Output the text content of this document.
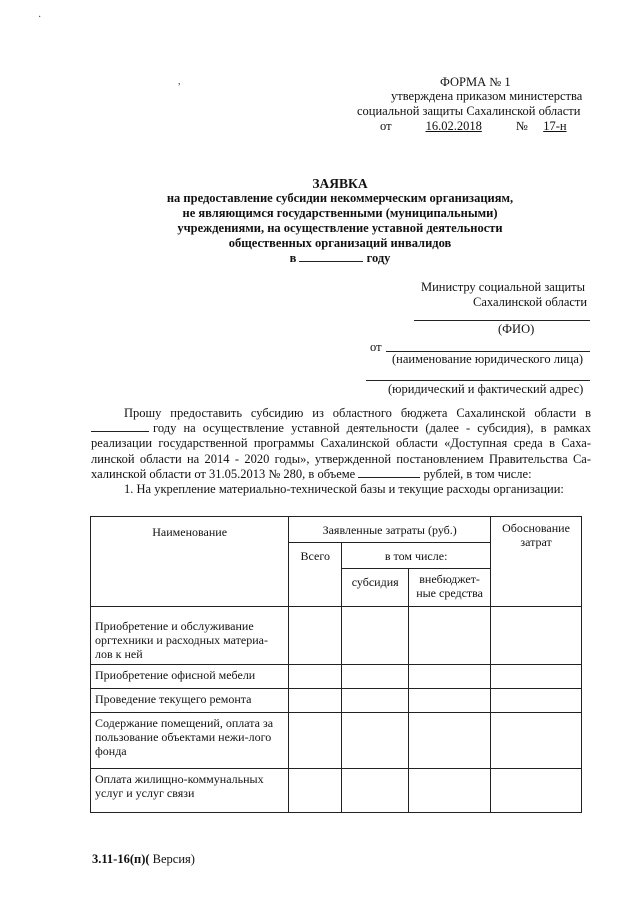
·
,	ФОРМА № 1
утверждена приказом министерства
социальной защиты Сахалинской области
от	16.02.2018	№ 17-н
ЗАЯВКА
на предоставление субсидии некоммерческим организациям,
не являющимся государственными (муниципальными)
учреждениями, на осуществление уставной деятельности
общественных организаций инвалидов
в	году
Министру социальной защиты
Сахалинской области
(ФИО)
от
(наименование юридического лица)
(юридический и фактический адрес)
Прошу предоставить субсидию из областного бюджета Сахалинской области в
году на осуществление уставной деятельности (далее - субсидия), в рамках
реализации государственной программы Сахалинской области «Доступная среда в Саха-
линской области на 2014 - 2020 годы», утвержденной постановлением Правительства Са-
халинской области от 31.05.2013 № 280, в объеме	рублей, в том числе:
1. На укрепление материально-технической базы и текущие расходы организации:
Наименование	Заявленные затраты (руб.)			Обоснование затрат
	Всего	в том числе:		
		субсидия	внебюджет-ные средства	
Приобретение и обслуживание оргтехники и расходных материа-лов к ней				
Приобретение офисной мебели				
Проведение текущего ремонта				
Содержание помещений, оплата за пользование объектами нежи-лого фонда				
Оплата жилищно-коммунальных услуг и услуг связи				
3.11-16(п)( Версия)
